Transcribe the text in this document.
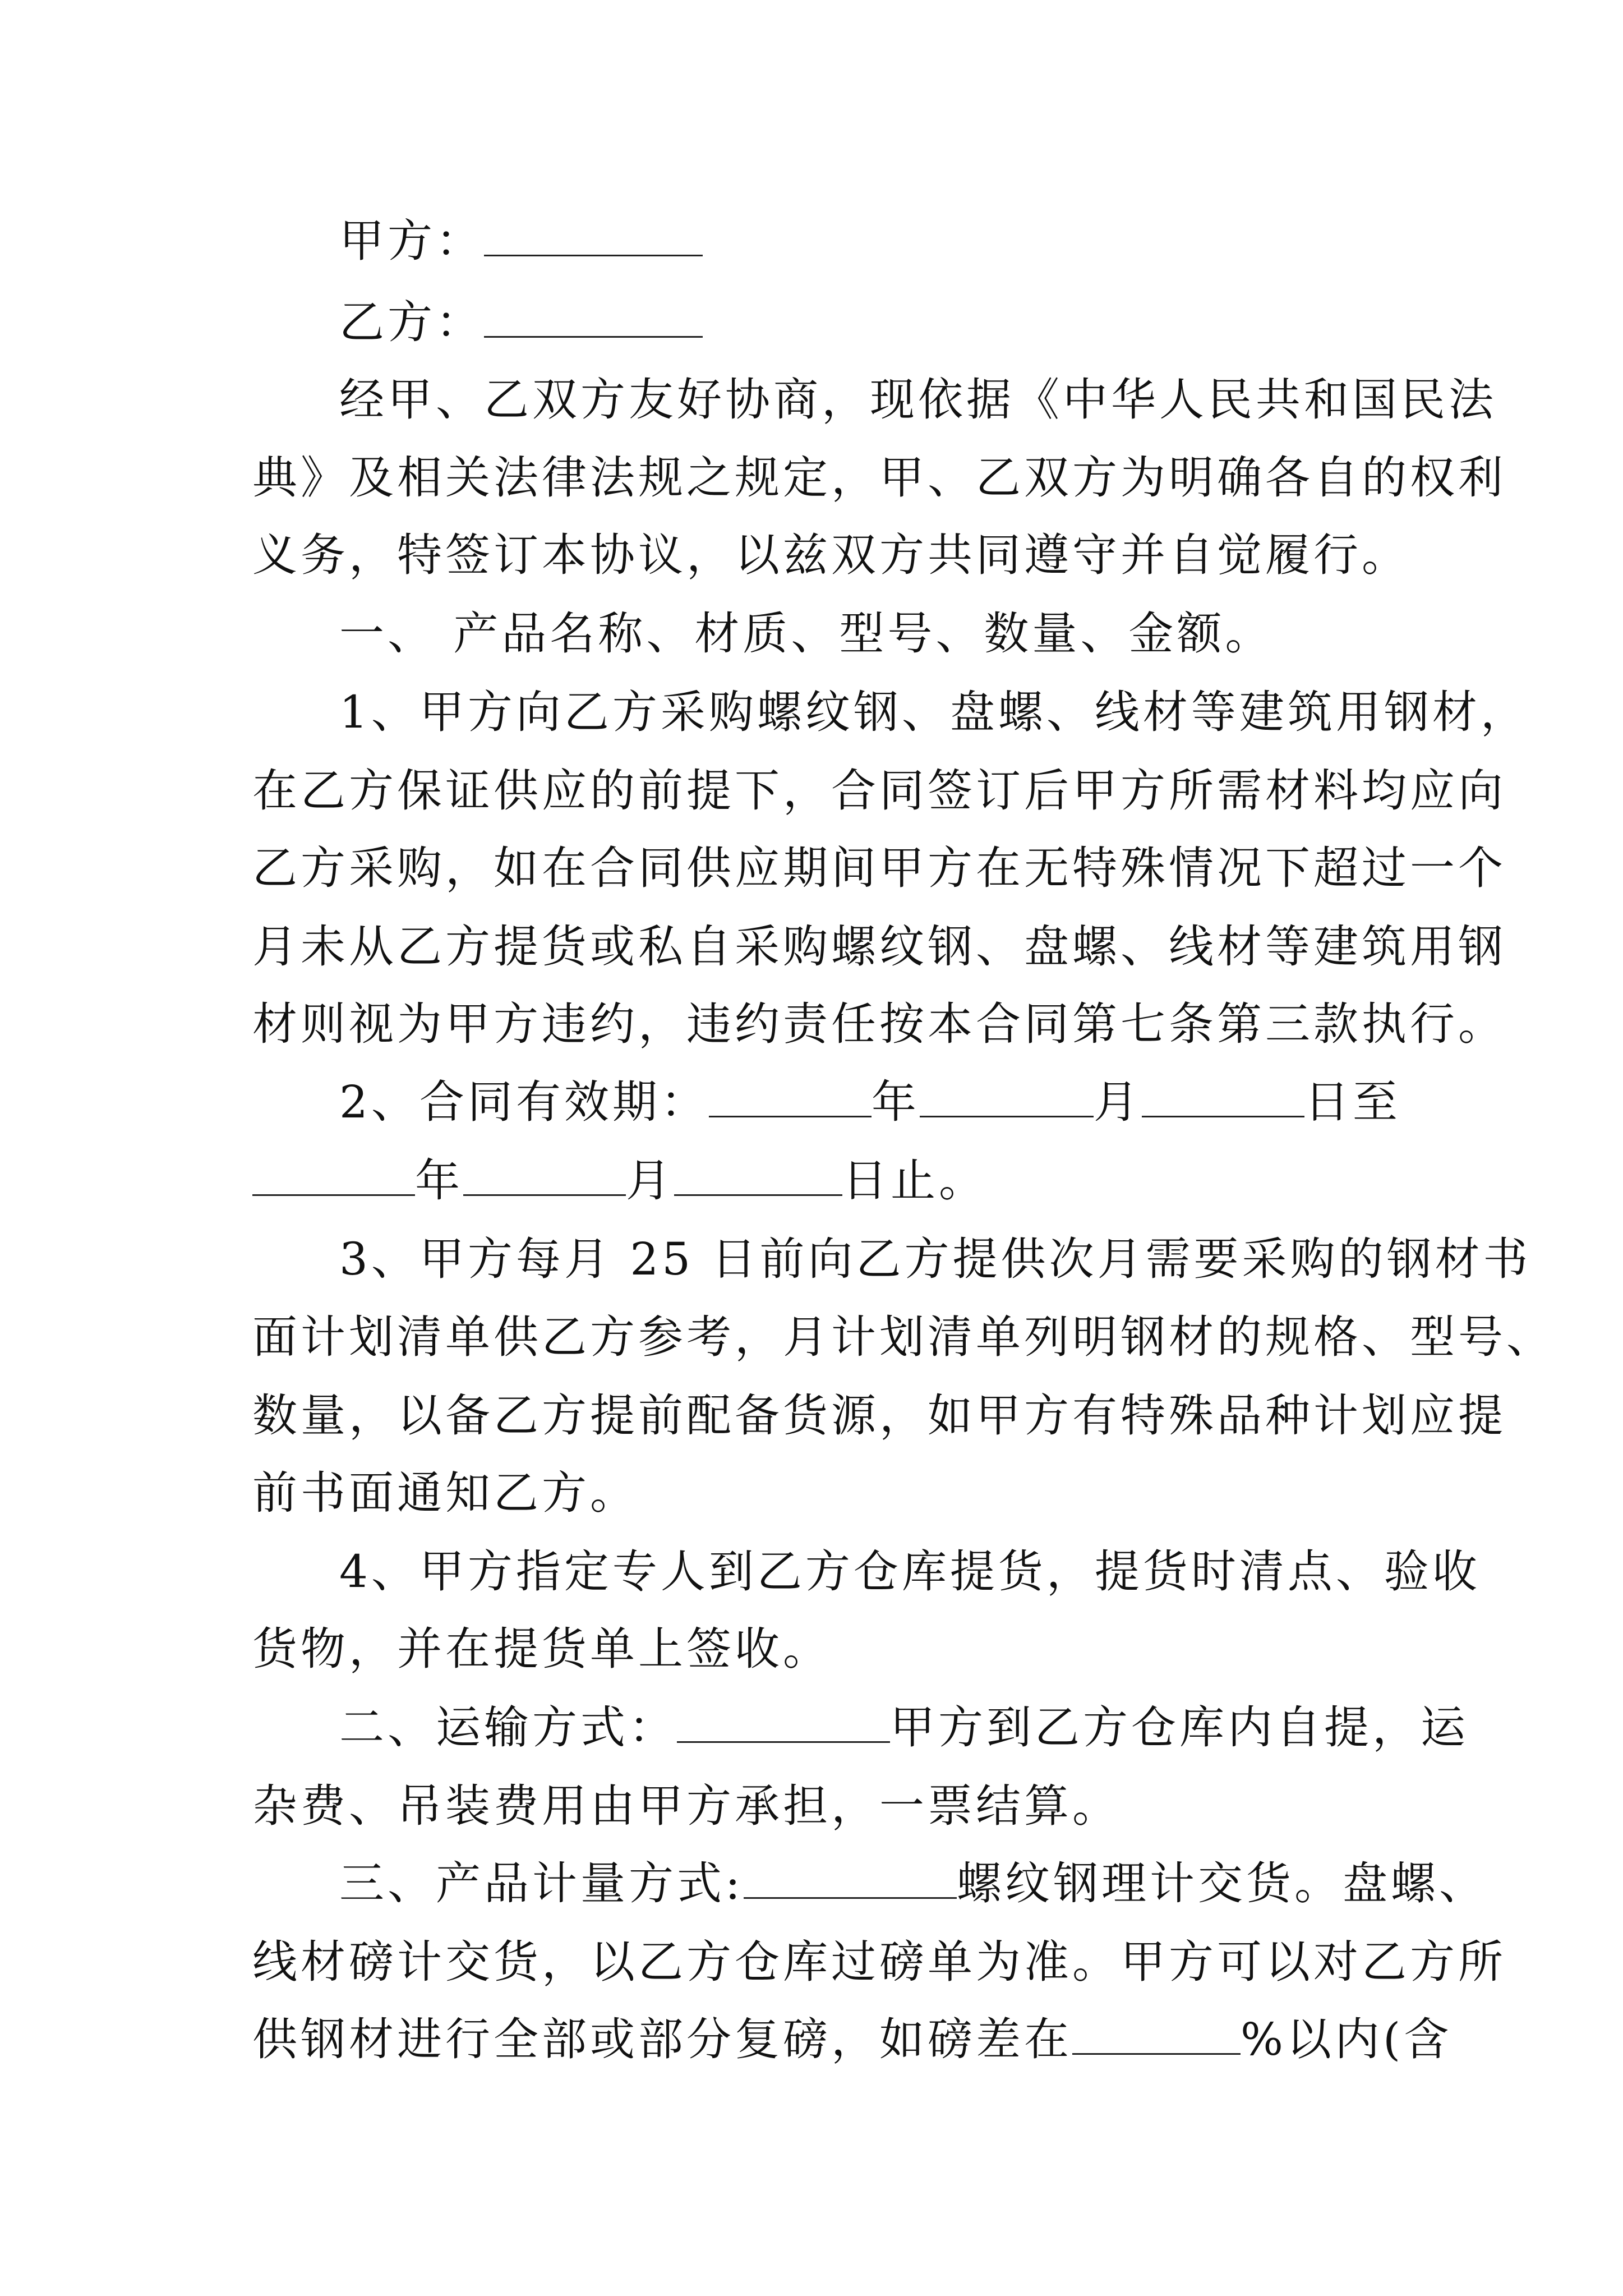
甲方：
乙方：
经甲、乙双方友好协商，现依据《中华人民共和国民法
典》及相关法律法规之规定，甲、乙双方为明确各自的权利
义务，特签订本协议，以兹双方共同遵守并自觉履行。
一、 产品名称、材质、型号、数量、金额。
1、甲方向乙方采购螺纹钢、盘螺、线材等建筑用钢材，
在乙方保证供应的前提下，合同签订后甲方所需材料均应向
乙方采购，如在合同供应期间甲方在无特殊情况下超过一个
月未从乙方提货或私自采购螺纹钢、盘螺、线材等建筑用钢
材则视为甲方违约，违约责任按本合同第七条第三款执行。
2、合同有效期：	年	月	日至
年	月	日止。
3、甲方每月 25 日前向乙方提供次月需要采购的钢材书
面计划清单供乙方参考，月计划清单列明钢材的规格、型号、
数量，以备乙方提前配备货源，如甲方有特殊品种计划应提
前书面通知乙方。
4、甲方指定专人到乙方仓库提货，提货时清点、验收
货物，并在提货单上签收。
二、运输方式：	甲方到乙方仓库内自提，运
杂费、吊装费用由甲方承担，一票结算。
三、产品计量方式:	螺纹钢理计交货。盘螺、
线材磅计交货，以乙方仓库过磅单为准。甲方可以对乙方所
供钢材进行全部或部分复磅，如磅差在	%以内(含
